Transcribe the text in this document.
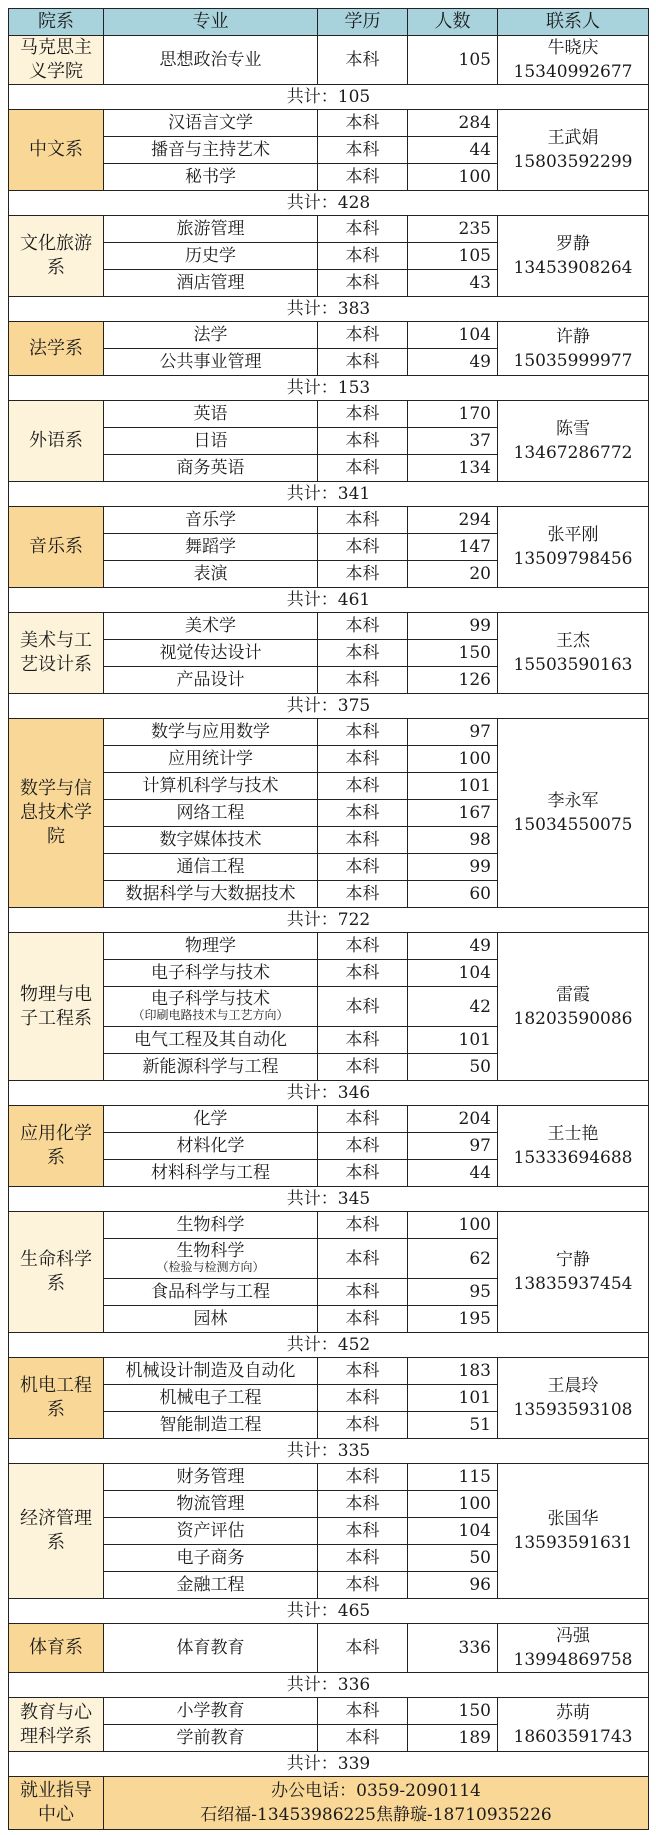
院系	专业	学历	人数	联系人
马克思主义学院	思想政治专业	本科	105	牛晓庆
15340992677

共计：105				
中文系	汉语言文学	本科	284	王武娟
15803592299

	播音与主持艺术	本科	44	
	秘书学	本科	100	
共计：428				
文化旅游系	旅游管理	本科	235	罗静
13453908264

	历史学	本科	105	
	酒店管理	本科	43	
共计：383				
法学系	法学	本科	104	许静
15035999977

	公共事业管理	本科	49	
共计：153				
外语系	英语	本科	170	陈雪
13467286772

	日语	本科	37	
	商务英语	本科	134	
共计：341				
音乐系	音乐学	本科	294	张平刚
13509798456

	舞蹈学	本科	147	
	表演	本科	20	
共计：461				
美术与工艺设计系	美术学	本科	99	王杰
15503590163

	视觉传达设计	本科	150	
	产品设计	本科	126	
共计：375				
数学与信息技术学院	数学与应用数学	本科	97	李永军
15034550075

	应用统计学	本科	100	
	计算机科学与技术	本科	101	
	网络工程	本科	167	
	数字媒体技术	本科	98	
	通信工程	本科	99	
	数据科学与大数据技术	本科	60	
共计：722				
物理与电子工程系	物理学	本科	49	雷霞
18203590086

	电子科学与技术	本科	104	
	电子科学与技术
（印刷电路技术与工艺方向）	本科	42	
	电气工程及其自动化	本科	101	
	新能源科学与工程	本科	50	
共计：346				
应用化学系	化学	本科	204	王士艳
15333694688

	材料化学	本科	97	
	材料科学与工程	本科	44	
共计：345				
生命科学系	生物科学	本科	100	宁静
13835937454

	生物科学
（检验与检测方向）	本科	62	
	食品科学与工程	本科	95	
	园林	本科	195	
共计：452				
机电工程系	机械设计制造及自动化	本科	183	王晨玲
13593593108

	机械电子工程	本科	101	
	智能制造工程	本科	51	
共计：335				
经济管理系	财务管理	本科	115	张国华
13593591631

	物流管理	本科	100	
	资产评估	本科	104	
	电子商务	本科	50	
	金融工程	本科	96	
共计：465				
体育系	体育教育	本科	336	冯强
13994869758

共计：336				
教育与心理科学系	小学教育	本科	150	苏萌
18603591743

	学前教育	本科	189	
共计：339				
就业指导中心	办公电话：0359-2090114
石绍福-13453986225焦静璇-18710935226			
